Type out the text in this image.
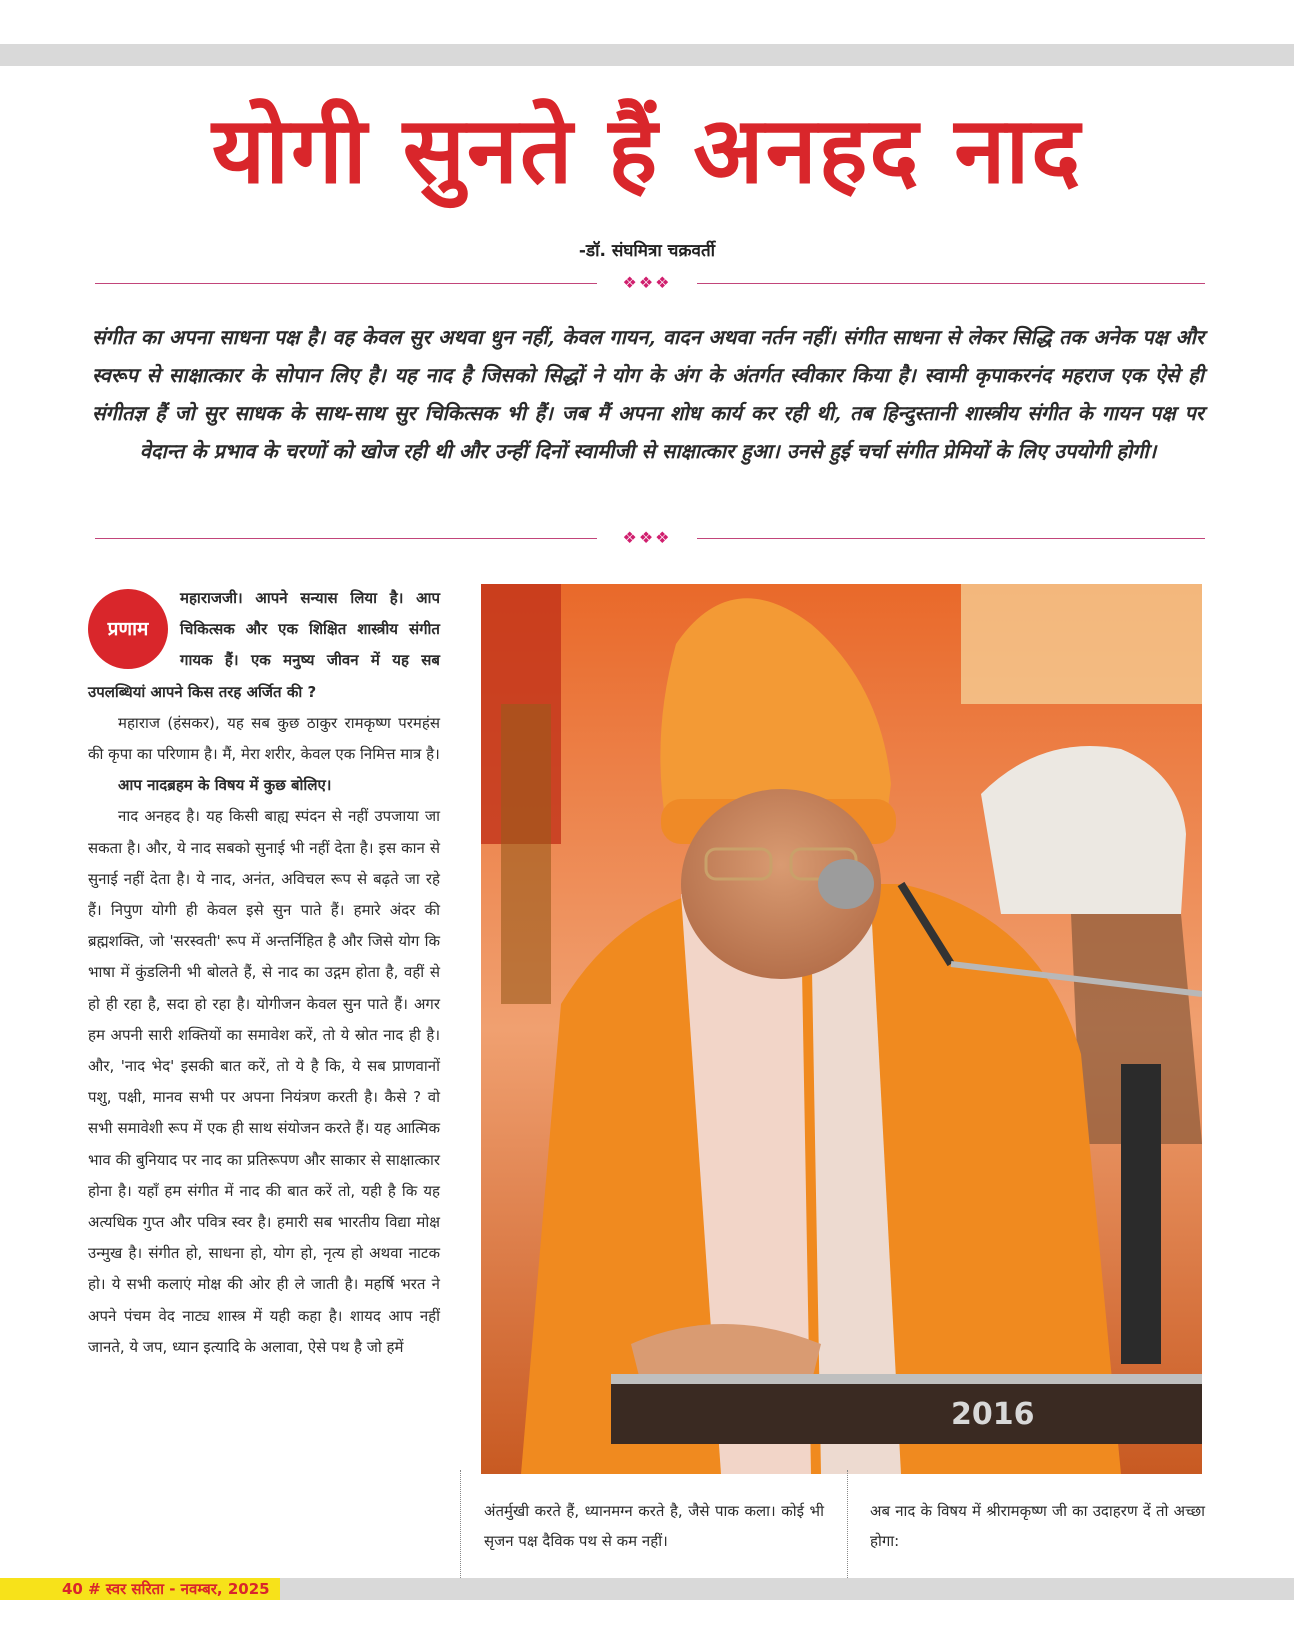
योगी सुनते हैं अनहद नाद
-डॉ. संघमित्रा चक्रवर्ती
❖❖❖
संगीत का अपना साधना पक्ष है। वह केवल सुर अथवा धुन नहीं, केवल गायन, वादन अथवा नर्तन नहीं। संगीत साधना से लेकर सिद्धि तक अनेक पक्ष और स्वरूप से साक्षात्कार के सोपान लिए है। यह नाद है जिसको सिद्धों ने योग के अंग के अंतर्गत स्वीकार किया है। स्वामी कृपाकरनंद महराज एक ऐसे ही संगीतज्ञ हैं जो सुर साधक के साथ-साथ सुर चिकित्सक भी हैं। जब मैं अपना शोध कार्य कर रही थी, तब हिन्दुस्तानी शास्त्रीय संगीत के गायन पक्ष पर वेदान्त के प्रभाव के चरणों को खोज रही थी और उन्हीं दिनों स्वामीजी से साक्षात्कार हुआ। उनसे हुई चर्चा संगीत प्रेमियों के लिए उपयोगी होगी।
❖❖❖
प्रणाम

महाराजजी। आपने सन्यास लिया है। आप चिकित्सक और एक शिक्षित शास्त्रीय संगीत गायक हैं। एक मनुष्य जीवन में यह सब उपलब्धियां आपने किस तरह अर्जित की ?

महाराज (हंसकर), यह सब कुछ ठाकुर रामकृष्ण परमहंस की कृपा का परिणाम है। मैं, मेरा शरीर, केवल एक निमित्त मात्र है।

आप नादब्रहम के विषय में कुछ बोलिए।

नाद अनहद है। यह किसी बाह्य स्पंदन से नहीं उपजाया जा सकता है। और, ये नाद सबको सुनाई भी नहीं देता है। इस कान से सुनाई नहीं देता है। ये नाद, अनंत, अविचल रूप से बढ़ते जा रहे हैं। निपुण योगी ही केवल इसे सुन पाते हैं। हमारे अंदर की ब्रह्मशक्ति, जो 'सरस्वती' रूप में अन्तर्निहित है और जिसे योग कि भाषा में कुंडलिनी भी बोलते हैं, से नाद का उद्गम होता है, वहीं से हो ही रहा है, सदा हो रहा है। योगीजन केवल सुन पाते हैं। अगर हम अपनी सारी शक्तियों का समावेश करें, तो ये स्रोत नाद ही है। और, 'नाद भेद' इसकी बात करें, तो ये है कि, ये सब प्राणवानों पशु, पक्षी, मानव सभी पर अपना नियंत्रण करती है। कैसे ? वो सभी समावेशी रूप में एक ही साथ संयोजन करते हैं। यह आत्मिक भाव की बुनियाद पर नाद का प्रतिरूपण और साकार से साक्षात्कार होना है। यहाँ हम संगीत में नाद की बात करें तो, यही है कि यह अत्यधिक गुप्त और पवित्र स्वर है। हमारी सब भारतीय विद्या मोक्ष उन्मुख है। संगीत हो, साधना हो, योग हो, नृत्य हो अथवा नाटक हो। ये सभी कलाएं मोक्ष की ओर ही ले जाती है। महर्षि भरत ने अपने पंचम वेद नाट्य शास्त्र में यही कहा है। शायद आप नहीं जानते, ये जप, ध्यान इत्यादि के अलावा, ऐसे पथ है जो हमें

2016
अंतर्मुखी करते हैं, ध्यानमग्न करते है, जैसे पाक कला। कोई भी सृजन पक्ष दैविक पथ से कम नहीं।
अब नाद के विषय में श्रीरामकृष्ण जी का उदाहरण दें तो अच्छा होगा:
40 # स्वर सरिता - नवम्बर, 2025
